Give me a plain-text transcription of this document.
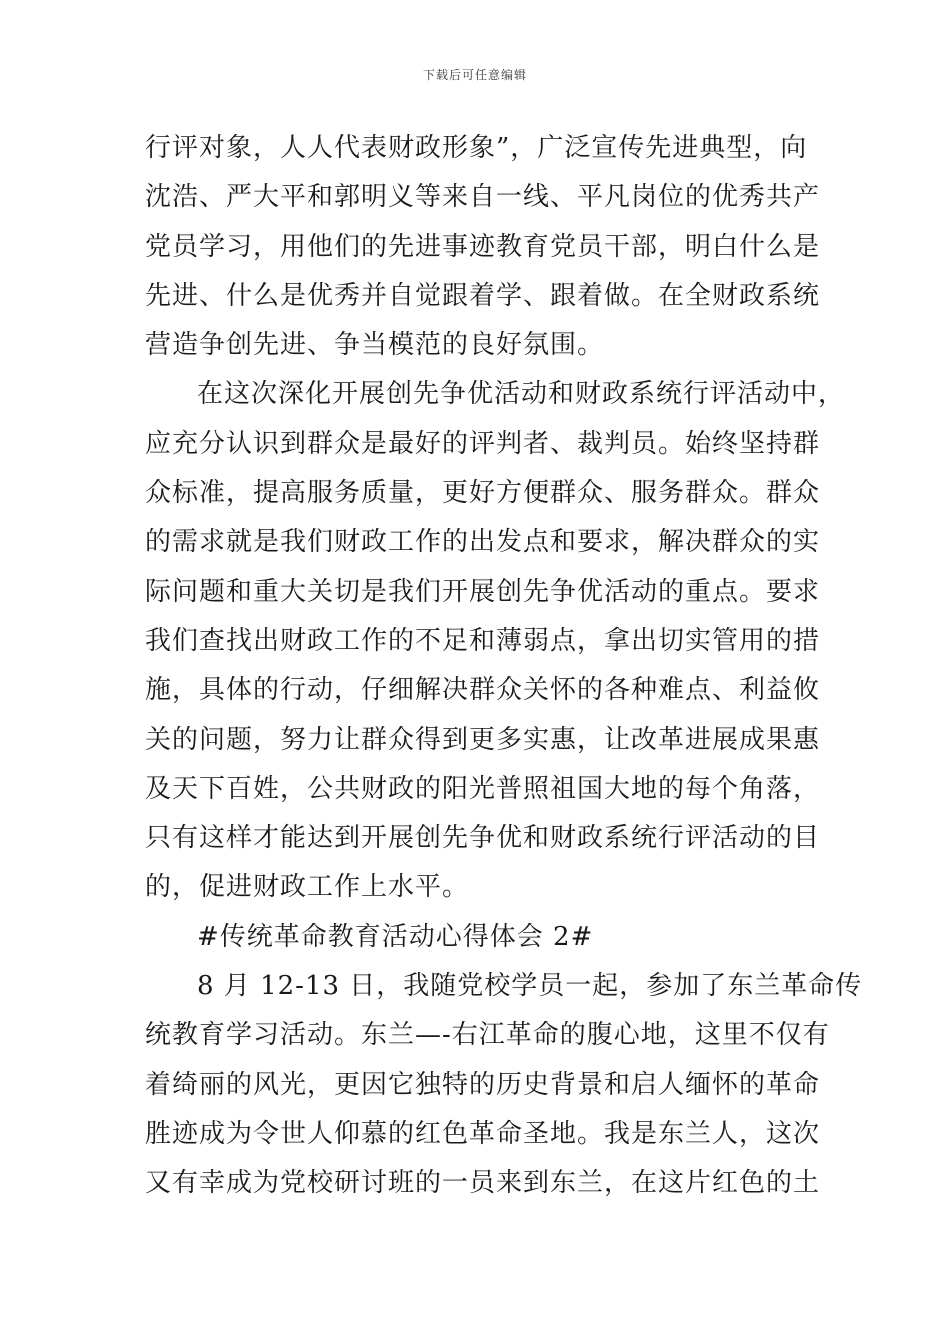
下载后可任意编辑
行评对象，人人代表财政形象”，广泛宣传先进典型，向
沈浩、严大平和郭明义等来自一线、平凡岗位的优秀共产
党员学习，用他们的先进事迹教育党员干部，明白什么是
先进、什么是优秀并自觉跟着学、跟着做。在全财政系统
营造争创先进、争当模范的良好氛围。
在这次深化开展创先争优活动和财政系统行评活动中，
应充分认识到群众是最好的评判者、裁判员。始终坚持群
众标准，提高服务质量，更好方便群众、服务群众。群众
的需求就是我们财政工作的出发点和要求，解决群众的实
际问题和重大关切是我们开展创先争优活动的重点。要求
我们查找出财政工作的不足和薄弱点，拿出切实管用的措
施，具体的行动，仔细解决群众关怀的各种难点、利益攸
关的问题，努力让群众得到更多实惠，让改革进展成果惠
及天下百姓，公共财政的阳光普照祖国大地的每个角落，
只有这样才能达到开展创先争优和财政系统行评活动的目
的，促进财政工作上水平。
#传统革命教育活动心得体会 2#
8 月 12-13 日，我随党校学员一起，参加了东兰革命传
统教育学习活动。东兰—-右江革命的腹心地，这里不仅有
着绮丽的风光，更因它独特的历史背景和启人缅怀的革命
胜迹成为令世人仰慕的红色革命圣地。我是东兰人，这次
又有幸成为党校研讨班的一员来到东兰，在这片红色的土
